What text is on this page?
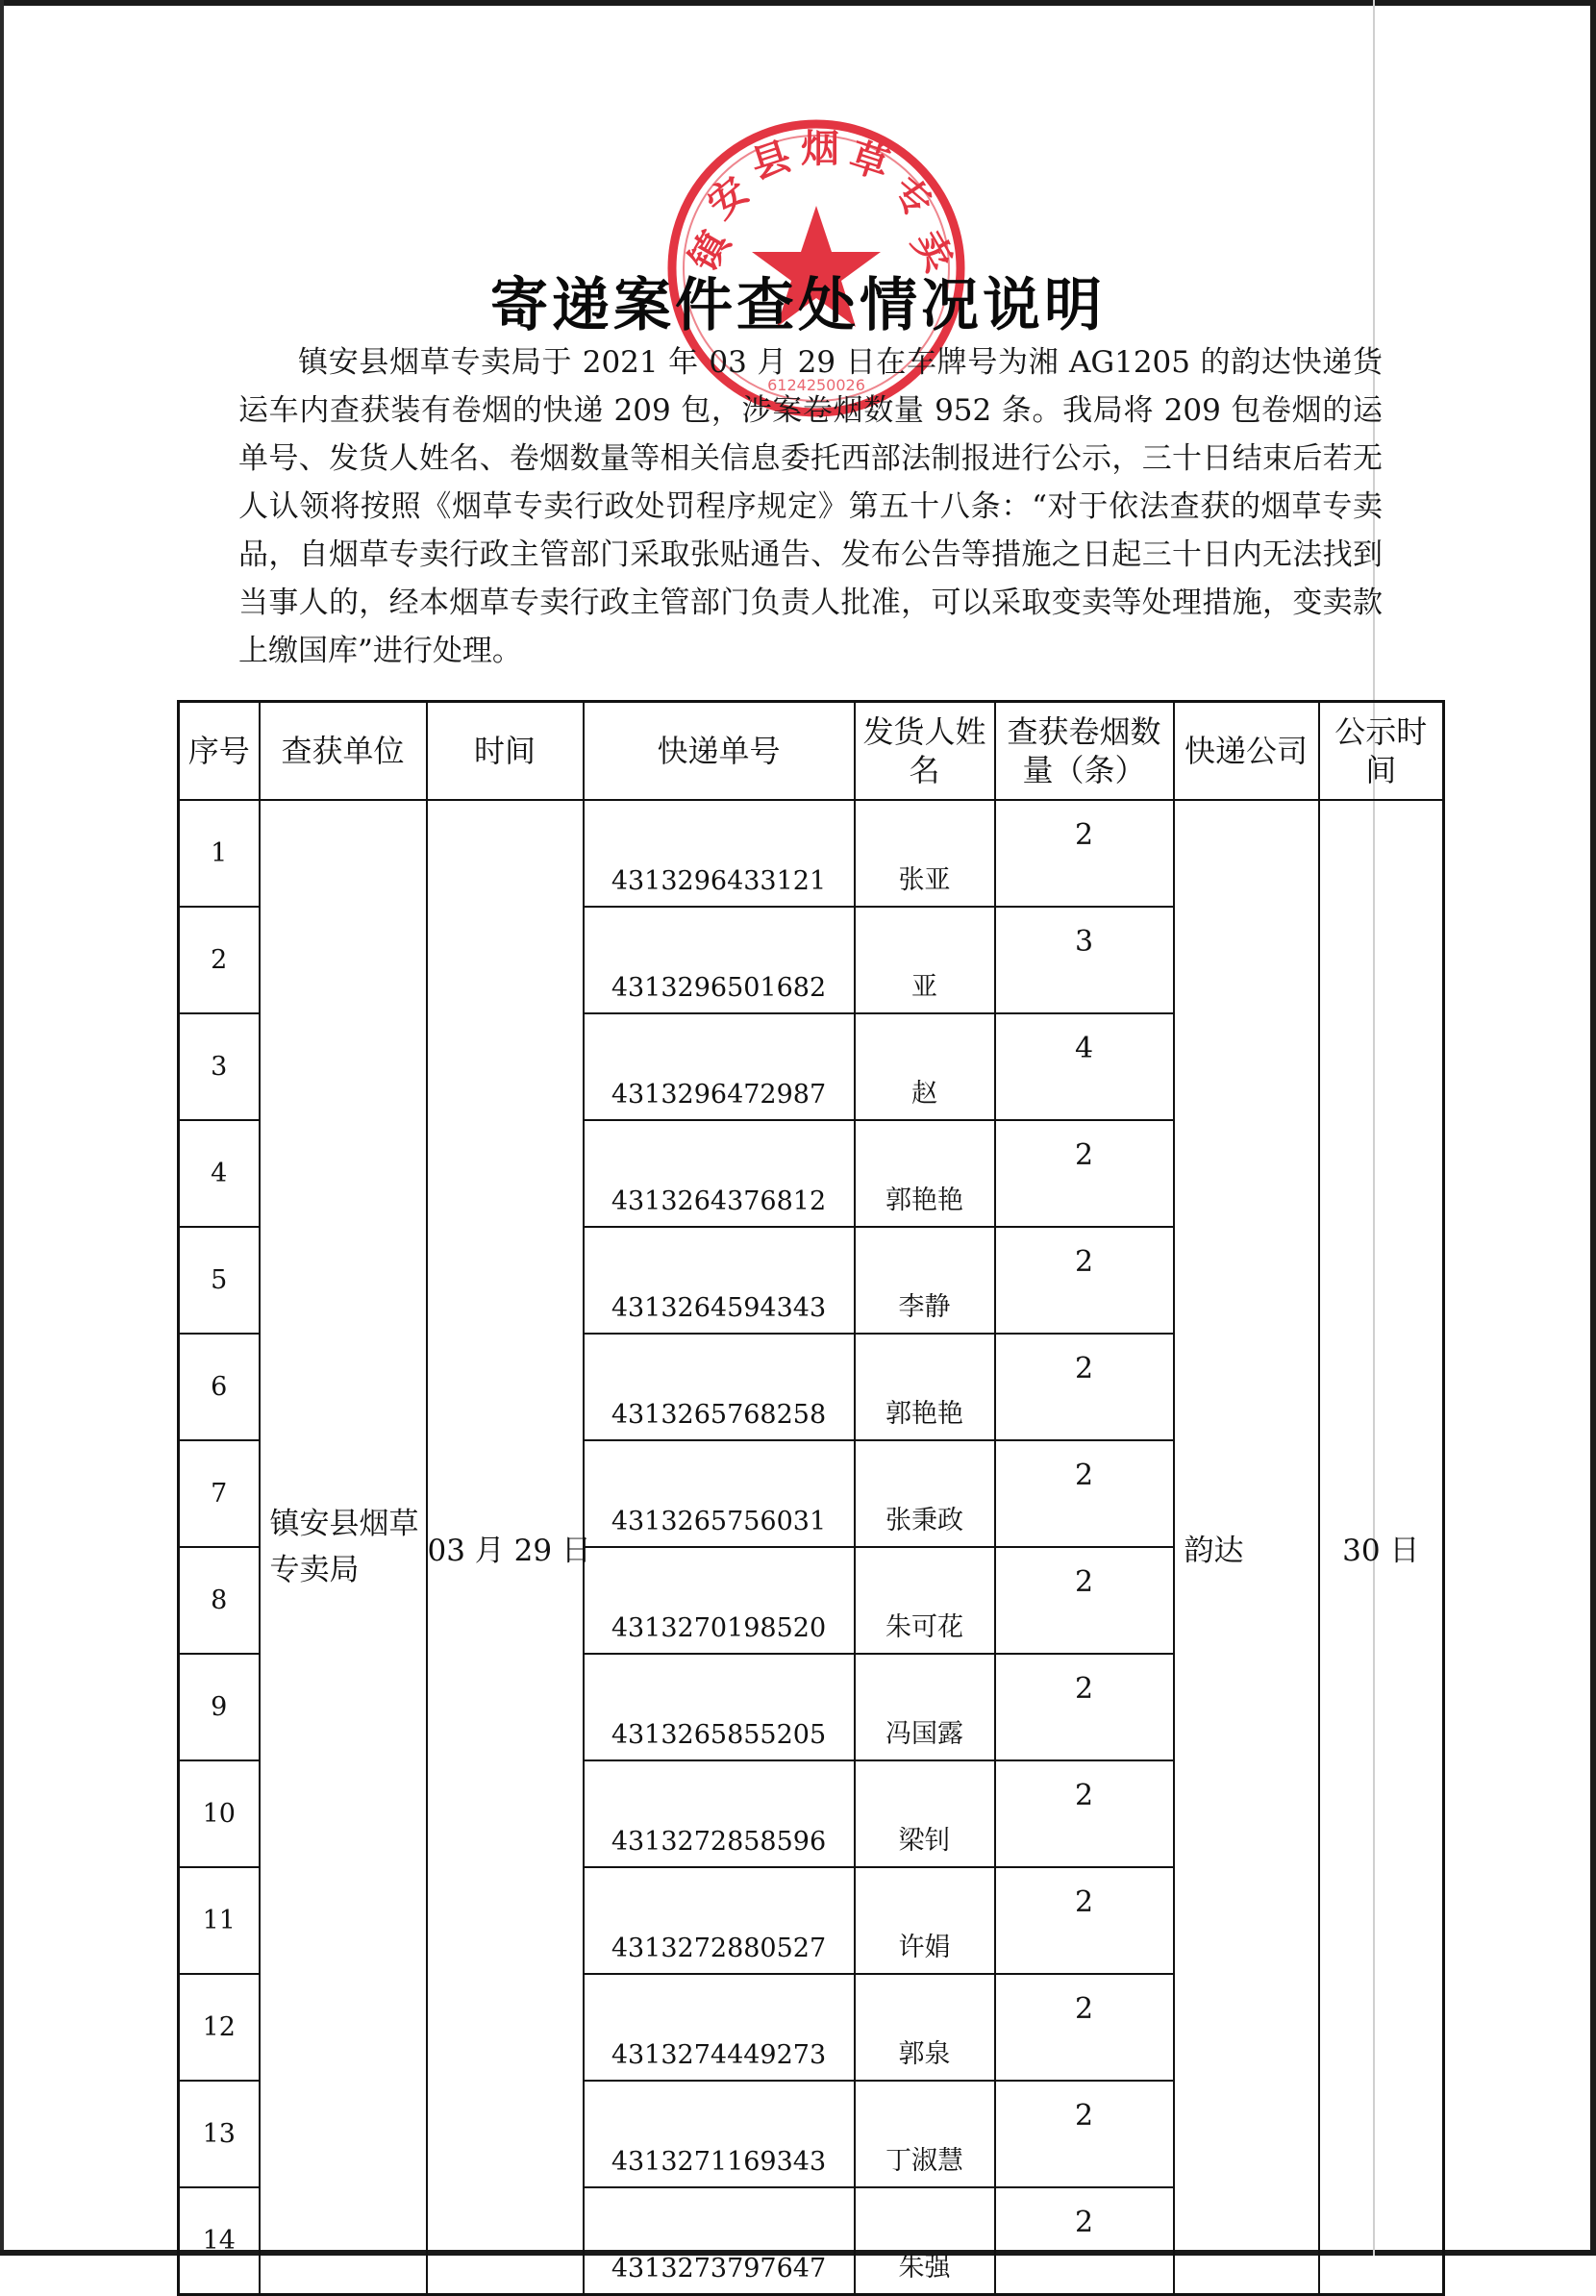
镇
安
县 烟 草
专
卖
6124250026
寄递案件查处情况说明

镇安县烟草专卖局于 2021 年 03 月 29 日在车牌号为湘 AG1205 的韵达快递货运车内查获装有卷烟的快递 209 包，涉案卷烟数量 952 条。我局将 209 包卷烟的运单号、发货人姓名、卷烟数量等相关信息委托西部法制报进行公示，三十日结束后若无人认领将按照《烟草专卖行政处罚程序规定》第五十八条：“对于依法查获的烟草专卖品，自烟草专卖行政主管部门采取张贴通告、发布公告等措施之日起三十日内无法找到当事人的，经本烟草专卖行政主管部门负责人批准，可以采取变卖等处理措施，变卖款上缴国库”进行处理。

序号	查获单位	时间	快递单号	发货人姓名	查获卷烟数量（条）	快递公司	公示时间
1	镇安县烟草专卖局	03 月 29 日	4313296433121	张亚	2	韵达	30 日
2			4313296501682	亚	3		
3			4313296472987	赵	4		
4			4313264376812	郭艳艳	2		
5			4313264594343	李静	2		
6			4313265768258	郭艳艳	2		
7			4313265756031	张秉政	2		
8			4313270198520	朱可花	2		
9			4313265855205	冯国露	2		
10			4313272858596	梁钊	2		
11			4313272880527	许娟	2		
12			4313274449273	郭泉	2		
13			4313271169343	丁淑慧	2		
14			4313273797647	朱强	2		
